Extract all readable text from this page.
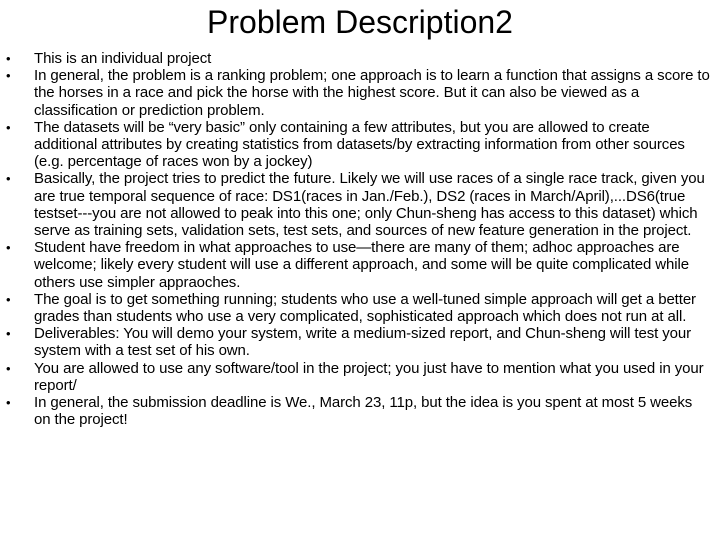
Problem Description2
• This is an individual project
• In general, the problem is a ranking problem; one approach is to learn a function that assigns a score to the horses in a race and pick the horse with the highest score. But it can also be viewed as a classification or prediction problem.
• The datasets will be “very basic” only containing a few attributes, but you are allowed to create additional attributes by creating statistics from datasets/by extracting information from other sources (e.g. percentage of races won by a jockey)
• Basically, the project tries to predict the future. Likely we will use races of a single race track, given you are true temporal sequence of race: DS1(races in Jan./Feb.), DS2 (races in March/April),...DS6(true testset---you are not allowed to peak into this one; only Chun-sheng has access to this dataset) which serve as training sets, validation sets, test sets, and sources of new feature generation in the project.
• Student have freedom in what approaches to use—there are many of them; adhoc approaches are welcome; likely every student will use a different approach, and some will be quite complicated while others use simpler appraoches.
• The goal is to get something running; students who use a well-tuned simple approach will get a better grades than students who use a very complicated, sophisticated approach which does not run at all.
• Deliverables: You will demo your system, write a medium-sized report, and Chun-sheng will test your system with a test set of his own.
• You are allowed to use any software/tool in the project; you just have to mention what you used in your report/
• In general, the submission deadline is We., March 23, 11p, but the idea is you spent at most 5 weeks on the project!
